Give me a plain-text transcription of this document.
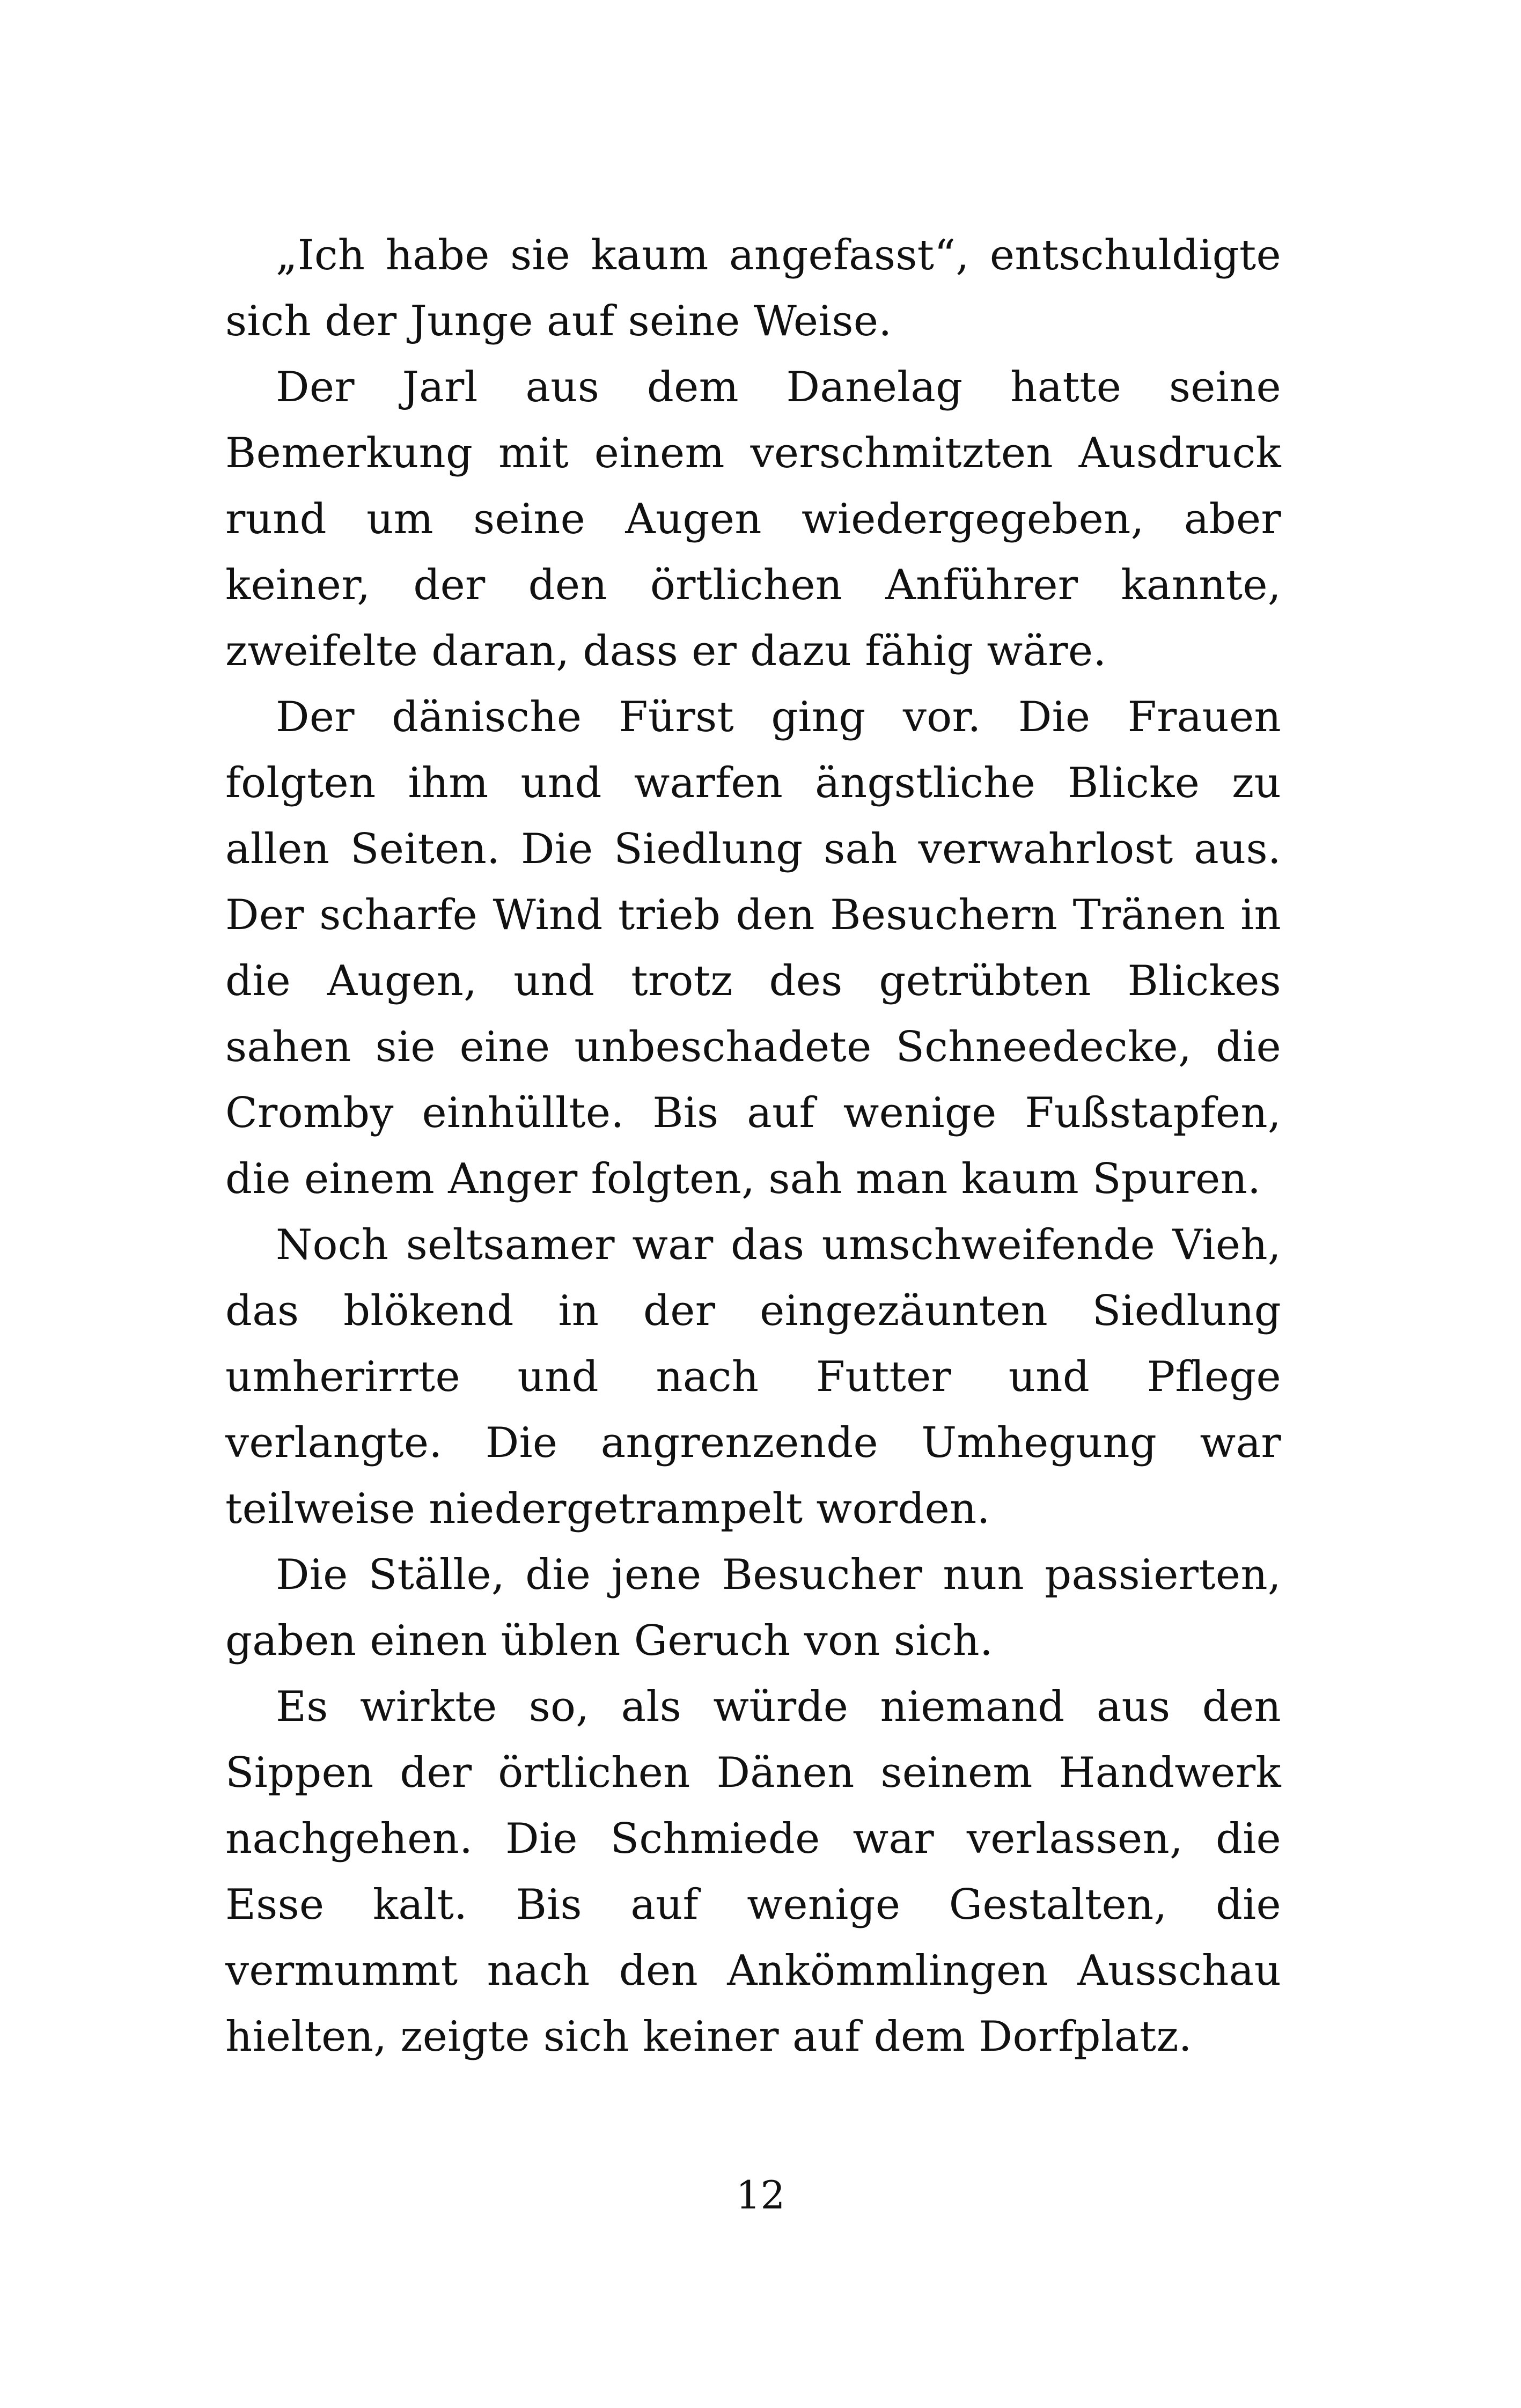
„Ich habe sie kaum angefasst“, entschuldigte sich der Junge auf seine Weise.

Der Jarl aus dem Danelag hatte seine Bemerkung mit einem verschmitzten Ausdruck rund um seine Augen wiedergegeben, aber keiner, der den örtlichen Anführer kannte, zweifelte daran, dass er dazu fähig wäre.

Der dänische Fürst ging vor. Die Frauen folgten ihm und warfen ängstliche Blicke zu allen Seiten. Die Siedlung sah verwahrlost aus. Der scharfe Wind trieb den Besuchern Tränen in die Augen, und trotz des getrübten Blickes sahen sie eine unbeschadete Schneedecke, die Cromby einhüllte. Bis auf wenige Fußstapfen, die einem Anger folgten, sah man kaum Spuren.

Noch seltsamer war das umschweifende Vieh, das blökend in der eingezäunten Siedlung umherirrte und nach Futter und Pflege verlangte. Die angrenzende Umhegung war teilweise niedergetrampelt worden.

Die Ställe, die jene Besucher nun passierten, gaben einen üblen Geruch von sich.

Es wirkte so, als würde niemand aus den Sippen der örtlichen Dänen seinem Handwerk nachgehen. Die Schmiede war verlassen, die Esse kalt. Bis auf wenige Gestalten, die vermummt nach den Ankömmlingen Ausschau hielten, zeigte sich keiner auf dem Dorfplatz.

12
